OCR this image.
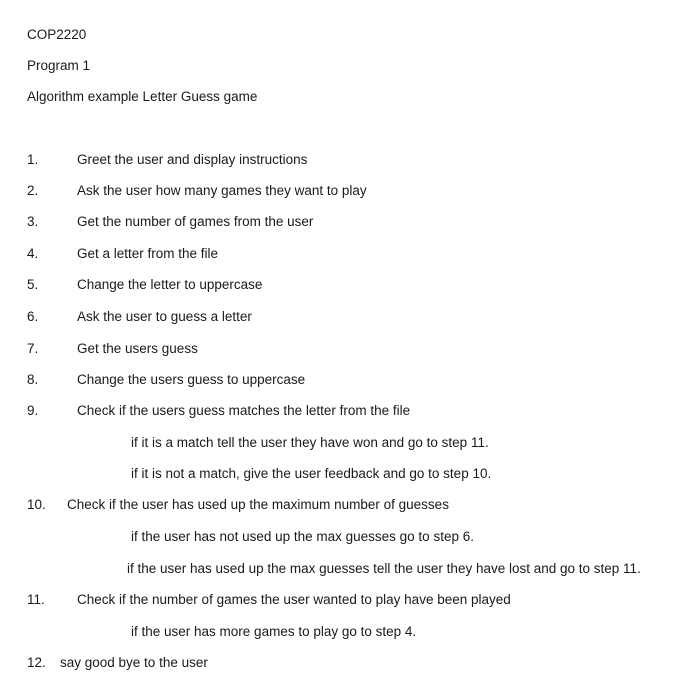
COP2220
Program 1
Algorithm example Letter Guess game
1.	Greet the user and display instructions
2.	Ask the user how many games they want to play
3.	Get the number of games from the user
4.	Get a letter from the file
5.	Change the letter to uppercase
6.	Ask the user to guess a letter
7.	Get the users guess
8.	Change the users guess to uppercase
9.	Check if the users guess matches the letter from the file
if it is a match tell the user they have won and go to step 11.
if it is not a match, give the user feedback and go to step 10.
10. Check if the user has used up the maximum number of guesses
if the user has not used up the max guesses go to step 6.
if the user has used up the max guesses tell the user they have lost and go to step 11.
11. Check if the number of games the user wanted to play have been played
if the user has more games to play go to step 4.
12. say good bye to the user
